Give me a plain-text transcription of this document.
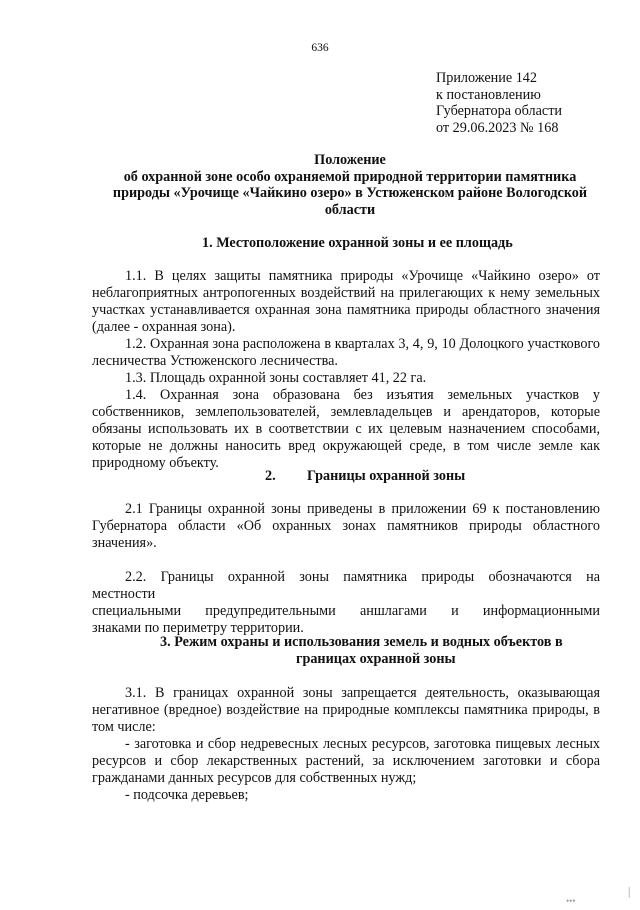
636
Приложение 142
к постановлению
Губернатора области
от 29.06.2023 № 168
Положение
об охранной зоне особо охраняемой природной территории памятника
природы «Урочище «Чайкино озеро» в Устюженском районе Вологодской
области
1. Местоположение охранной зоны и ее площадь
1.1. В целях защиты памятника природы «Урочище «Чайкино озеро» от неблагоприятных антропогенных воздействий на прилегающих к нему земельных участках устанавливается охранная зона памятника природы областного значения (далее - охранная зона).
1.2. Охранная зона расположена в кварталах 3, 4, 9, 10 Долоцкого участкового лесничества Устюженского лесничества.
1.3. Площадь охранной зоны составляет 41, 22 га.
1.4. Охранная зона образована без изъятия земельных участков у собственников, землепользователей, землевладельцев и арендаторов, которые обязаны использовать их в соответствии с их целевым назначением способами, которые не должны наносить вред окружающей среде, в том числе земле как природному объекту.
2. Границы охранной зоны
2.1 Границы охранной зоны приведены в приложении 69 к постановлению Губернатора области «Об охранных зонах памятников природы областного значения».
2.2. Границы охранной зоны памятника природы обозначаются на
местности
специальными предупредительными аншлагами и информационными
знаками по периметру территории.
3. Режим охраны и использования земель и водных объектов в
границах охранной зоны
3.1. В границах охранной зоны запрещается деятельность, оказывающая негативное (вредное) воздействие на природные комплексы памятника природы, в том числе:
- заготовка и сбор недревесных лесных ресурсов, заготовка пищевых лесных ресурсов и сбор лекарственных растений, за исключением заготовки и сбора гражданами данных ресурсов для собственных нужд;
- подсочка деревьев;
•••
│
